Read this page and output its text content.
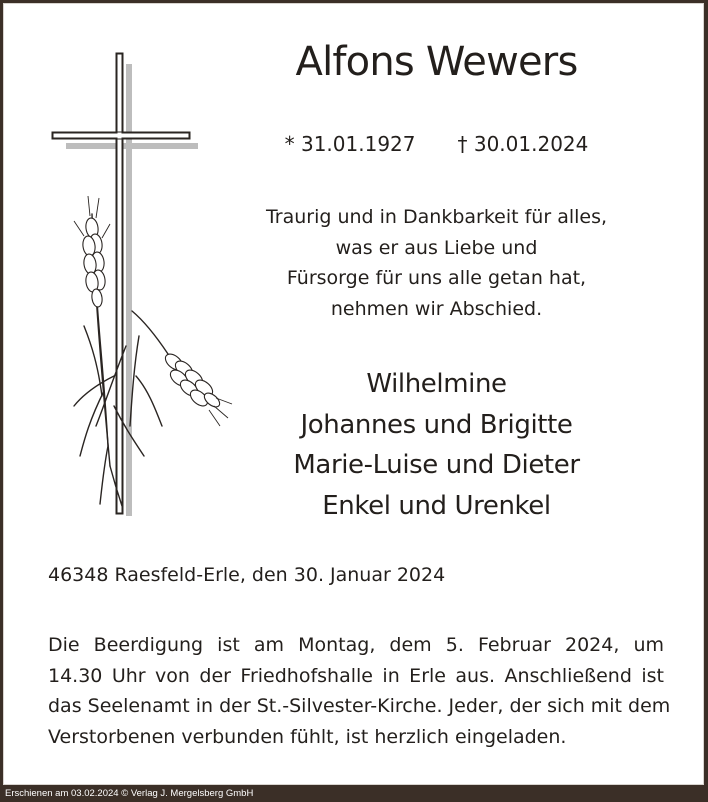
Alfons Wewers
* 31.01.1927 † 30.01.2024
Traurig und in Dankbarkeit für alles,
was er aus Liebe und
Fürsorge für uns alle getan hat,
nehmen wir Abschied.
Wilhelmine
Johannes und Brigitte
Marie-Luise und Dieter
Enkel und Urenkel
46348 Raesfeld-Erle, den 30. Januar 2024
Die Beerdigung ist am Montag, dem 5. Februar 2024, um
14.30 Uhr von der Friedhofshalle in Erle aus. Anschließend ist
das Seelenamt in der St.-Silvester-Kirche. Jeder, der sich mit dem
Verstorbenen verbunden fühlt, ist herzlich eingeladen.
Erschienen am 03.02.2024 © Verlag J. Mergelsberg GmbH
